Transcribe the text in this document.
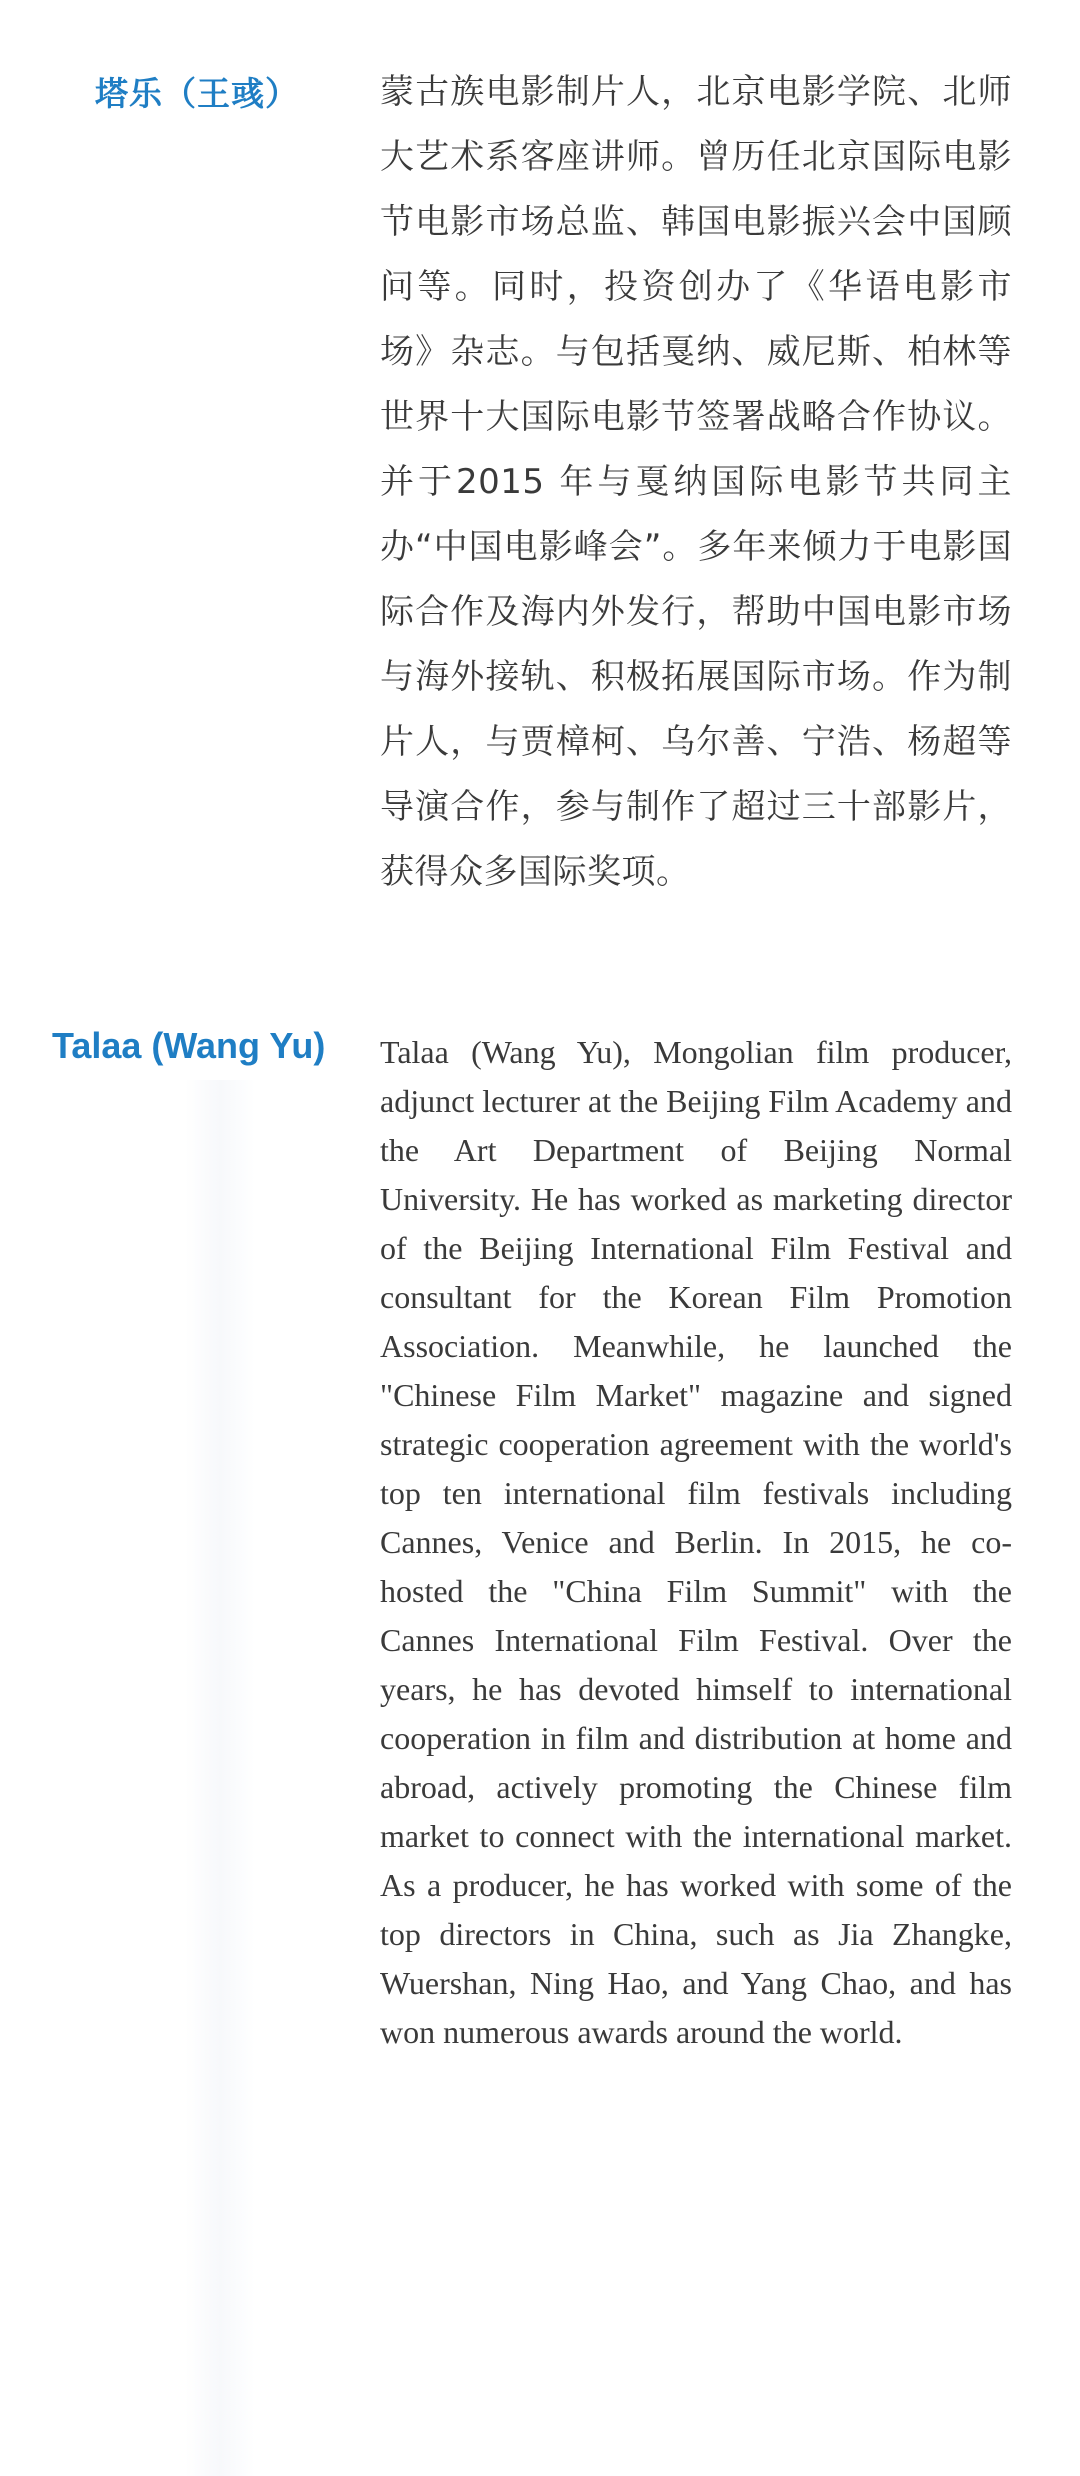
塔乐（王彧） 蒙古族电影制片人，北京电影学院、北师大艺术系客座讲师。曾历任北京国际电影节电影市场总监、韩国电影振兴会中国顾问等。同时，投资创办了《华语电影市场》杂志。与包括戛纳、威尼斯、柏林等世界十大国际电影节签署战略合作协议。并于2015 年与戛纳国际电影节共同主办“中国电影峰会”。多年来倾力于电影国际合作及海内外发行，帮助中国电影市场与海外接轨、积极拓展国际市场。作为制片人，与贾樟柯、乌尔善、宁浩、杨超等导演合作，参与制作了超过三十部影片，获得众多国际奖项。

Talaa (Wang Yu) Talaa (Wang Yu), Mongolian film producer, adjunct lecturer at the Beijing Film Academy and the Art Department of Beijing Normal University. He has worked as marketing director of the Beijing International Film Festival and consultant for the Korean Film Promotion Association. Meanwhile, he launched the "Chinese Film Market" magazine and signed strategic cooperation agreement with the world's top ten international film festivals including Cannes, Venice and Berlin. In 2015, he co-hosted the "China Film Summit" with the Cannes International Film Festival. Over the years, he has devoted himself to international cooperation in film and distribution at home and abroad, actively promoting the Chinese film market to connect with the international market. As a producer, he has worked with some of the top directors in China, such as Jia Zhangke, Wuershan, Ning Hao, and Yang Chao, and has won numerous awards around the world.
